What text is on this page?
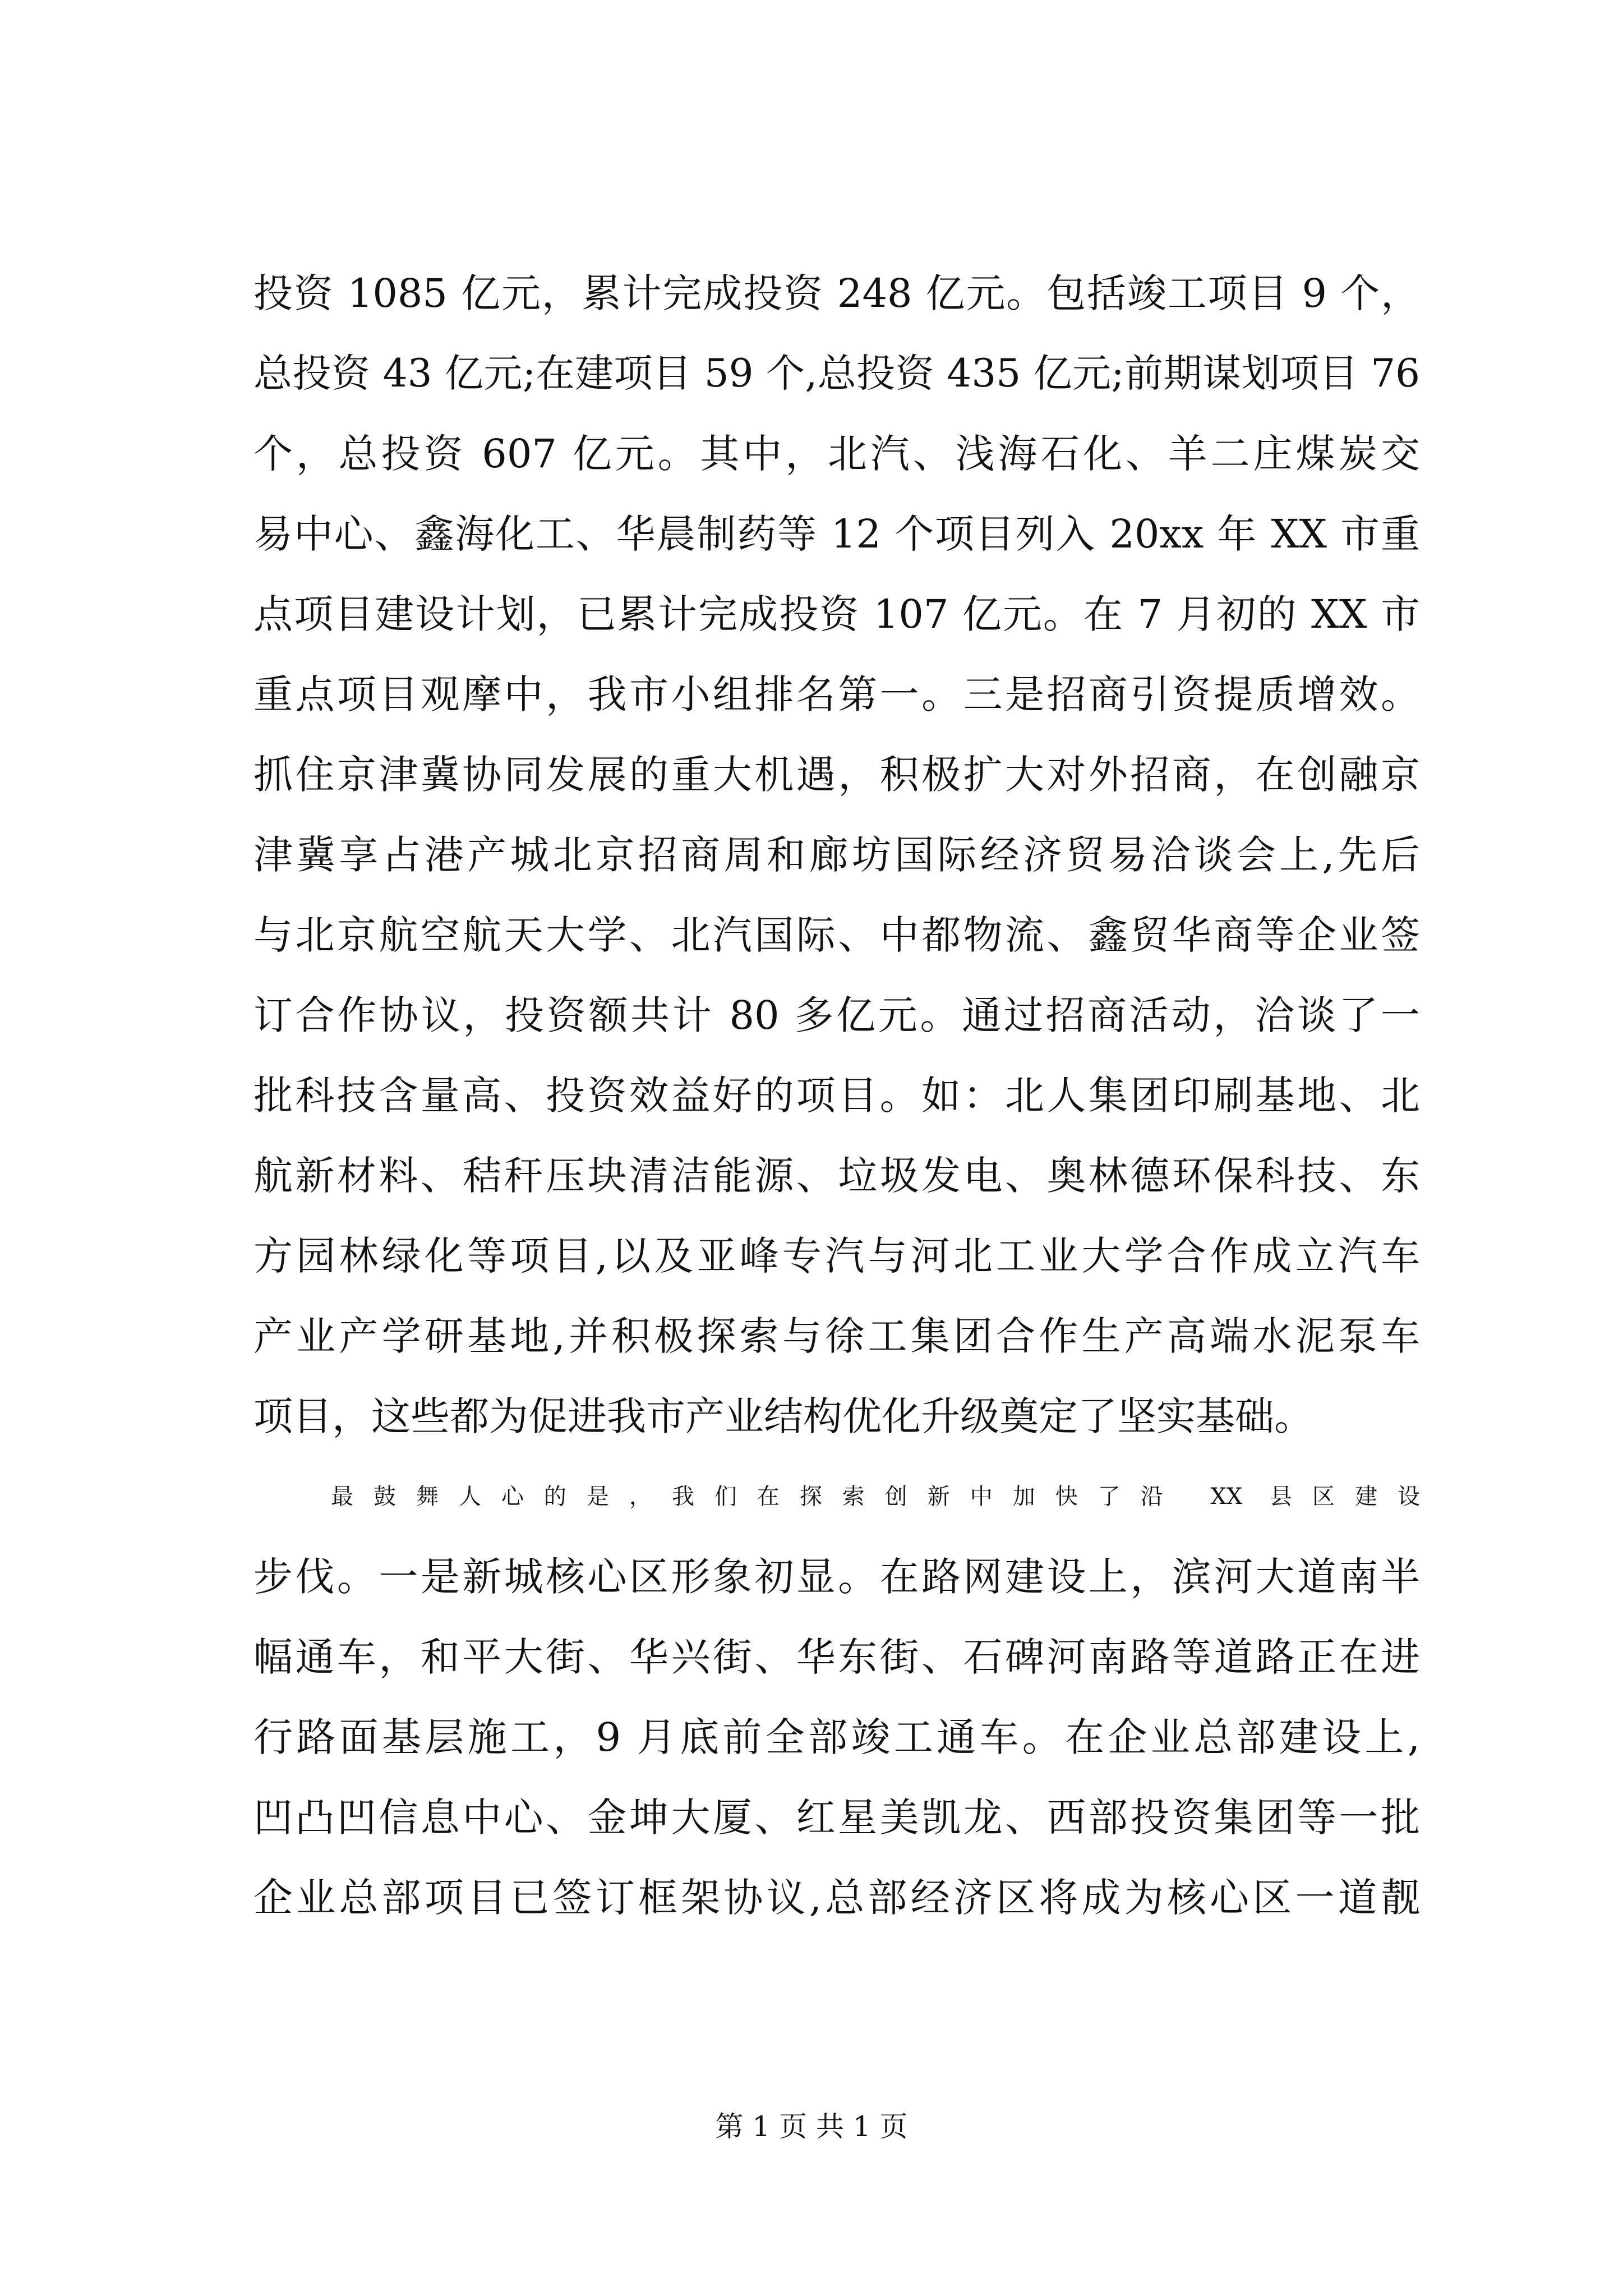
投资 1085 亿元，累计完成投资 248 亿元。包括竣工项目 9 个，
总投资 43 亿元;在建项目 59 个,总投资 435 亿元;前期谋划项目 76
个，总投资 607 亿元。其中，北汽、浅海石化、羊二庄煤炭交
易中心、鑫海化工、华晨制药等 12 个项目列入 20xx 年 XX 市重
点项目建设计划，已累计完成投资 107 亿元。在 7 月初的 XX 市
重点项目观摩中，我市小组排名第一。三是招商引资提质增效。
抓住京津冀协同发展的重大机遇，积极扩大对外招商，在创融京
津冀享占港产城北京招商周和廊坊国际经济贸易洽谈会上,先后
与北京航空航天大学、北汽国际、中都物流、鑫贸华商等企业签
订合作协议，投资额共计 80 多亿元。通过招商活动，洽谈了一
批科技含量高、投资效益好的项目。如：北人集团印刷基地、北
航新材料、秸秆压块清洁能源、垃圾发电、奥林德环保科技、东
方园林绿化等项目,以及亚峰专汽与河北工业大学合作成立汽车
产业产学研基地,并积极探索与徐工集团合作生产高端水泥泵车
项目，这些都为促进我市产业结构优化升级奠定了坚实基础。
最鼓舞人心的是，我们在探索创新中加快了沿 XX 县区建设
步伐。一是新城核心区形象初显。在路网建设上，滨河大道南半
幅通车，和平大街、华兴街、华东街、石碑河南路等道路正在进
行路面基层施工，9 月底前全部竣工通车。在企业总部建设上,
凹凸凹信息中心、金坤大厦、红星美凯龙、西部投资集团等一批
企业总部项目已签订框架协议,总部经济区将成为核心区一道靓
第 1 页 共 1 页
